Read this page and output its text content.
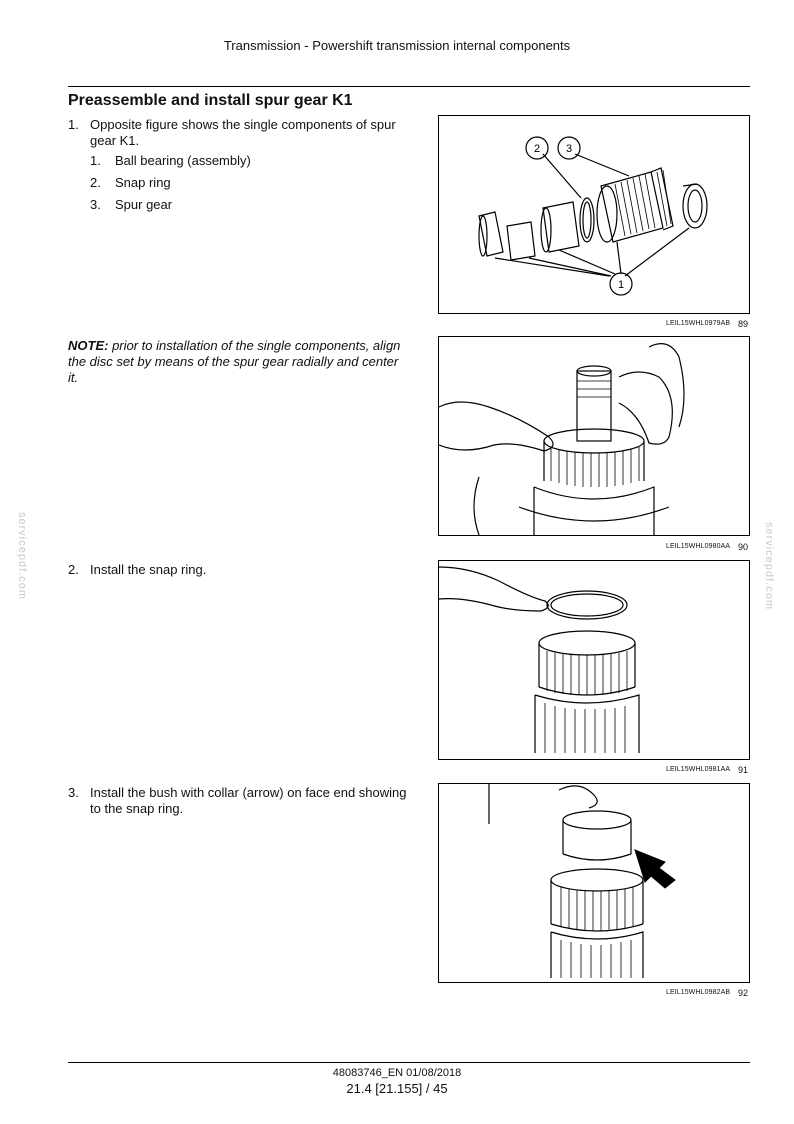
Transmission - Powershift transmission internal components
Preassemble and install spur gear K1
1. Opposite figure shows the single components of spur
gear K1.
1. Ball bearing (assembly)
2. Snap ring
3. Spur gear
2 3
1
LEIL15WHL0979AB 89
NOTE: prior to installation of the single components, align
the disc set by means of the spur gear radially and center
it.
LEIL15WHL0980AA 90
2. Install the snap ring.
LEIL15WHL0981AA 91
3. Install the bush with collar (arrow) on face end showing
to the snap ring.
LEIL15WHL0982AB 92
servicepdf.com	servicepdf.com
48083746_EN 01/08/2018
21.4 [21.155] / 45
